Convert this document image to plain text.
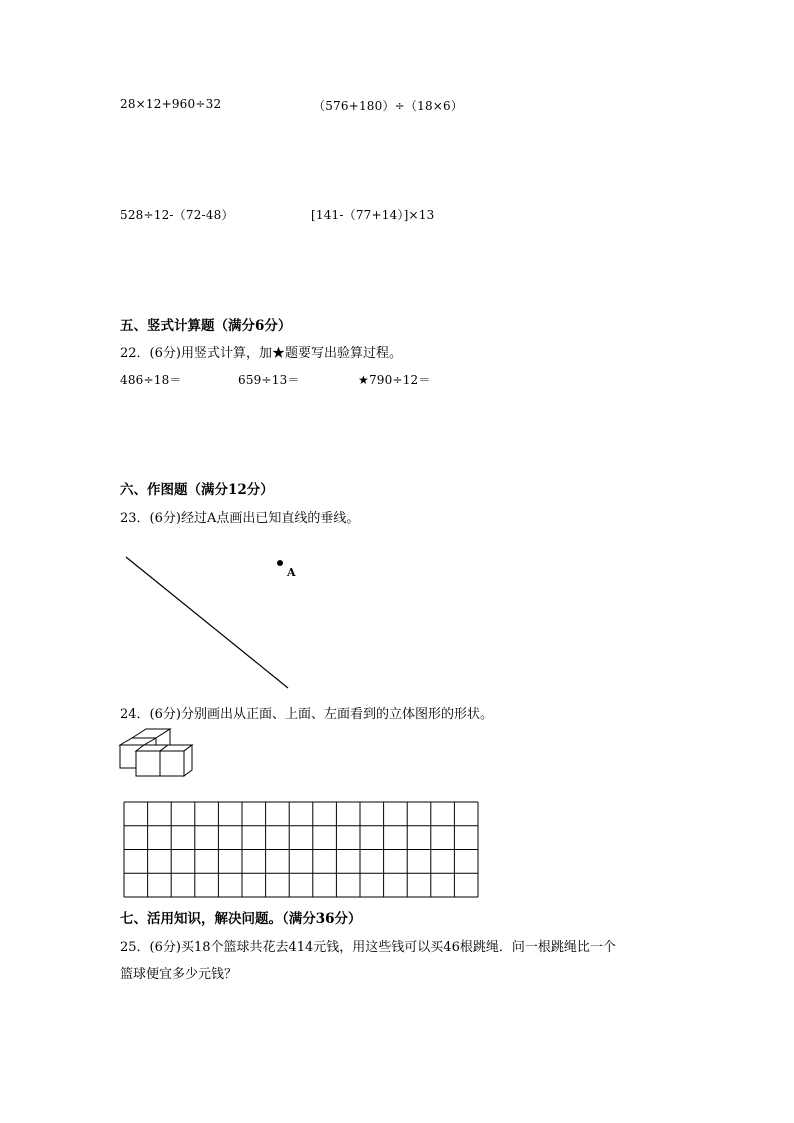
28×12+960÷32	（576+180）÷（18×6）
528÷12-（72-48）	[141-（77+14）]×13
五、竖式计算题（满分6分）
22．(6分)用竖式计算，加★题要写出验算过程。
486÷18＝	659÷13＝	★790÷12＝
六、作图题（满分12分）
23．(6分)经过A点画出已知直线的垂线。
A
24．(6分)分别画出从正面、上面、左面看到的立体图形的形状。
七、活用知识，解决问题。（满分36分）
25．(6分)买18个篮球共花去414元钱，用这些钱可以买46根跳绳．问一根跳绳比一个
篮球便宜多少元钱？
